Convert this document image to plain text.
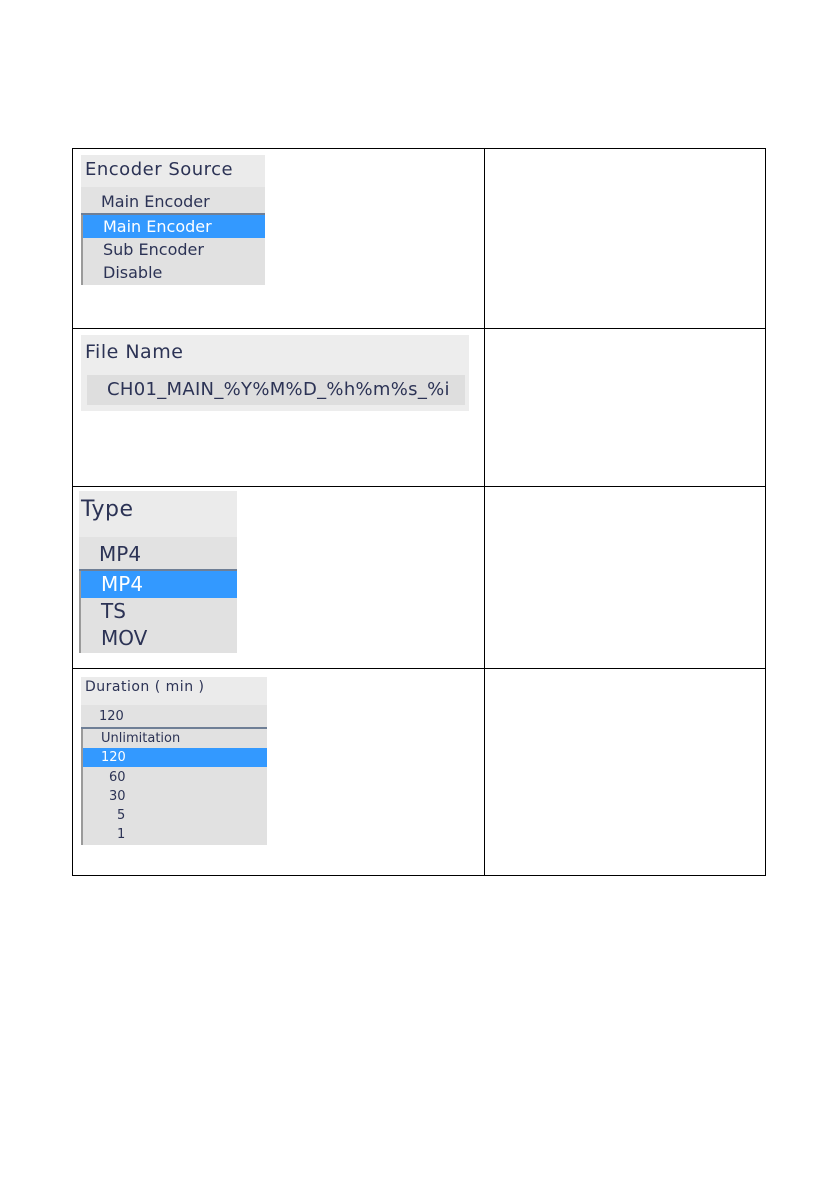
Encoder Source
Main Encoder
Main Encoder
Sub Encoder
Disable
File Name
CH01_MAIN_%Y%M%D_%h%m%s_%i
Type
MP4
MP4
TS
MOV
Duration ( min )
120
Unlimitation
120
60
30
5
1
